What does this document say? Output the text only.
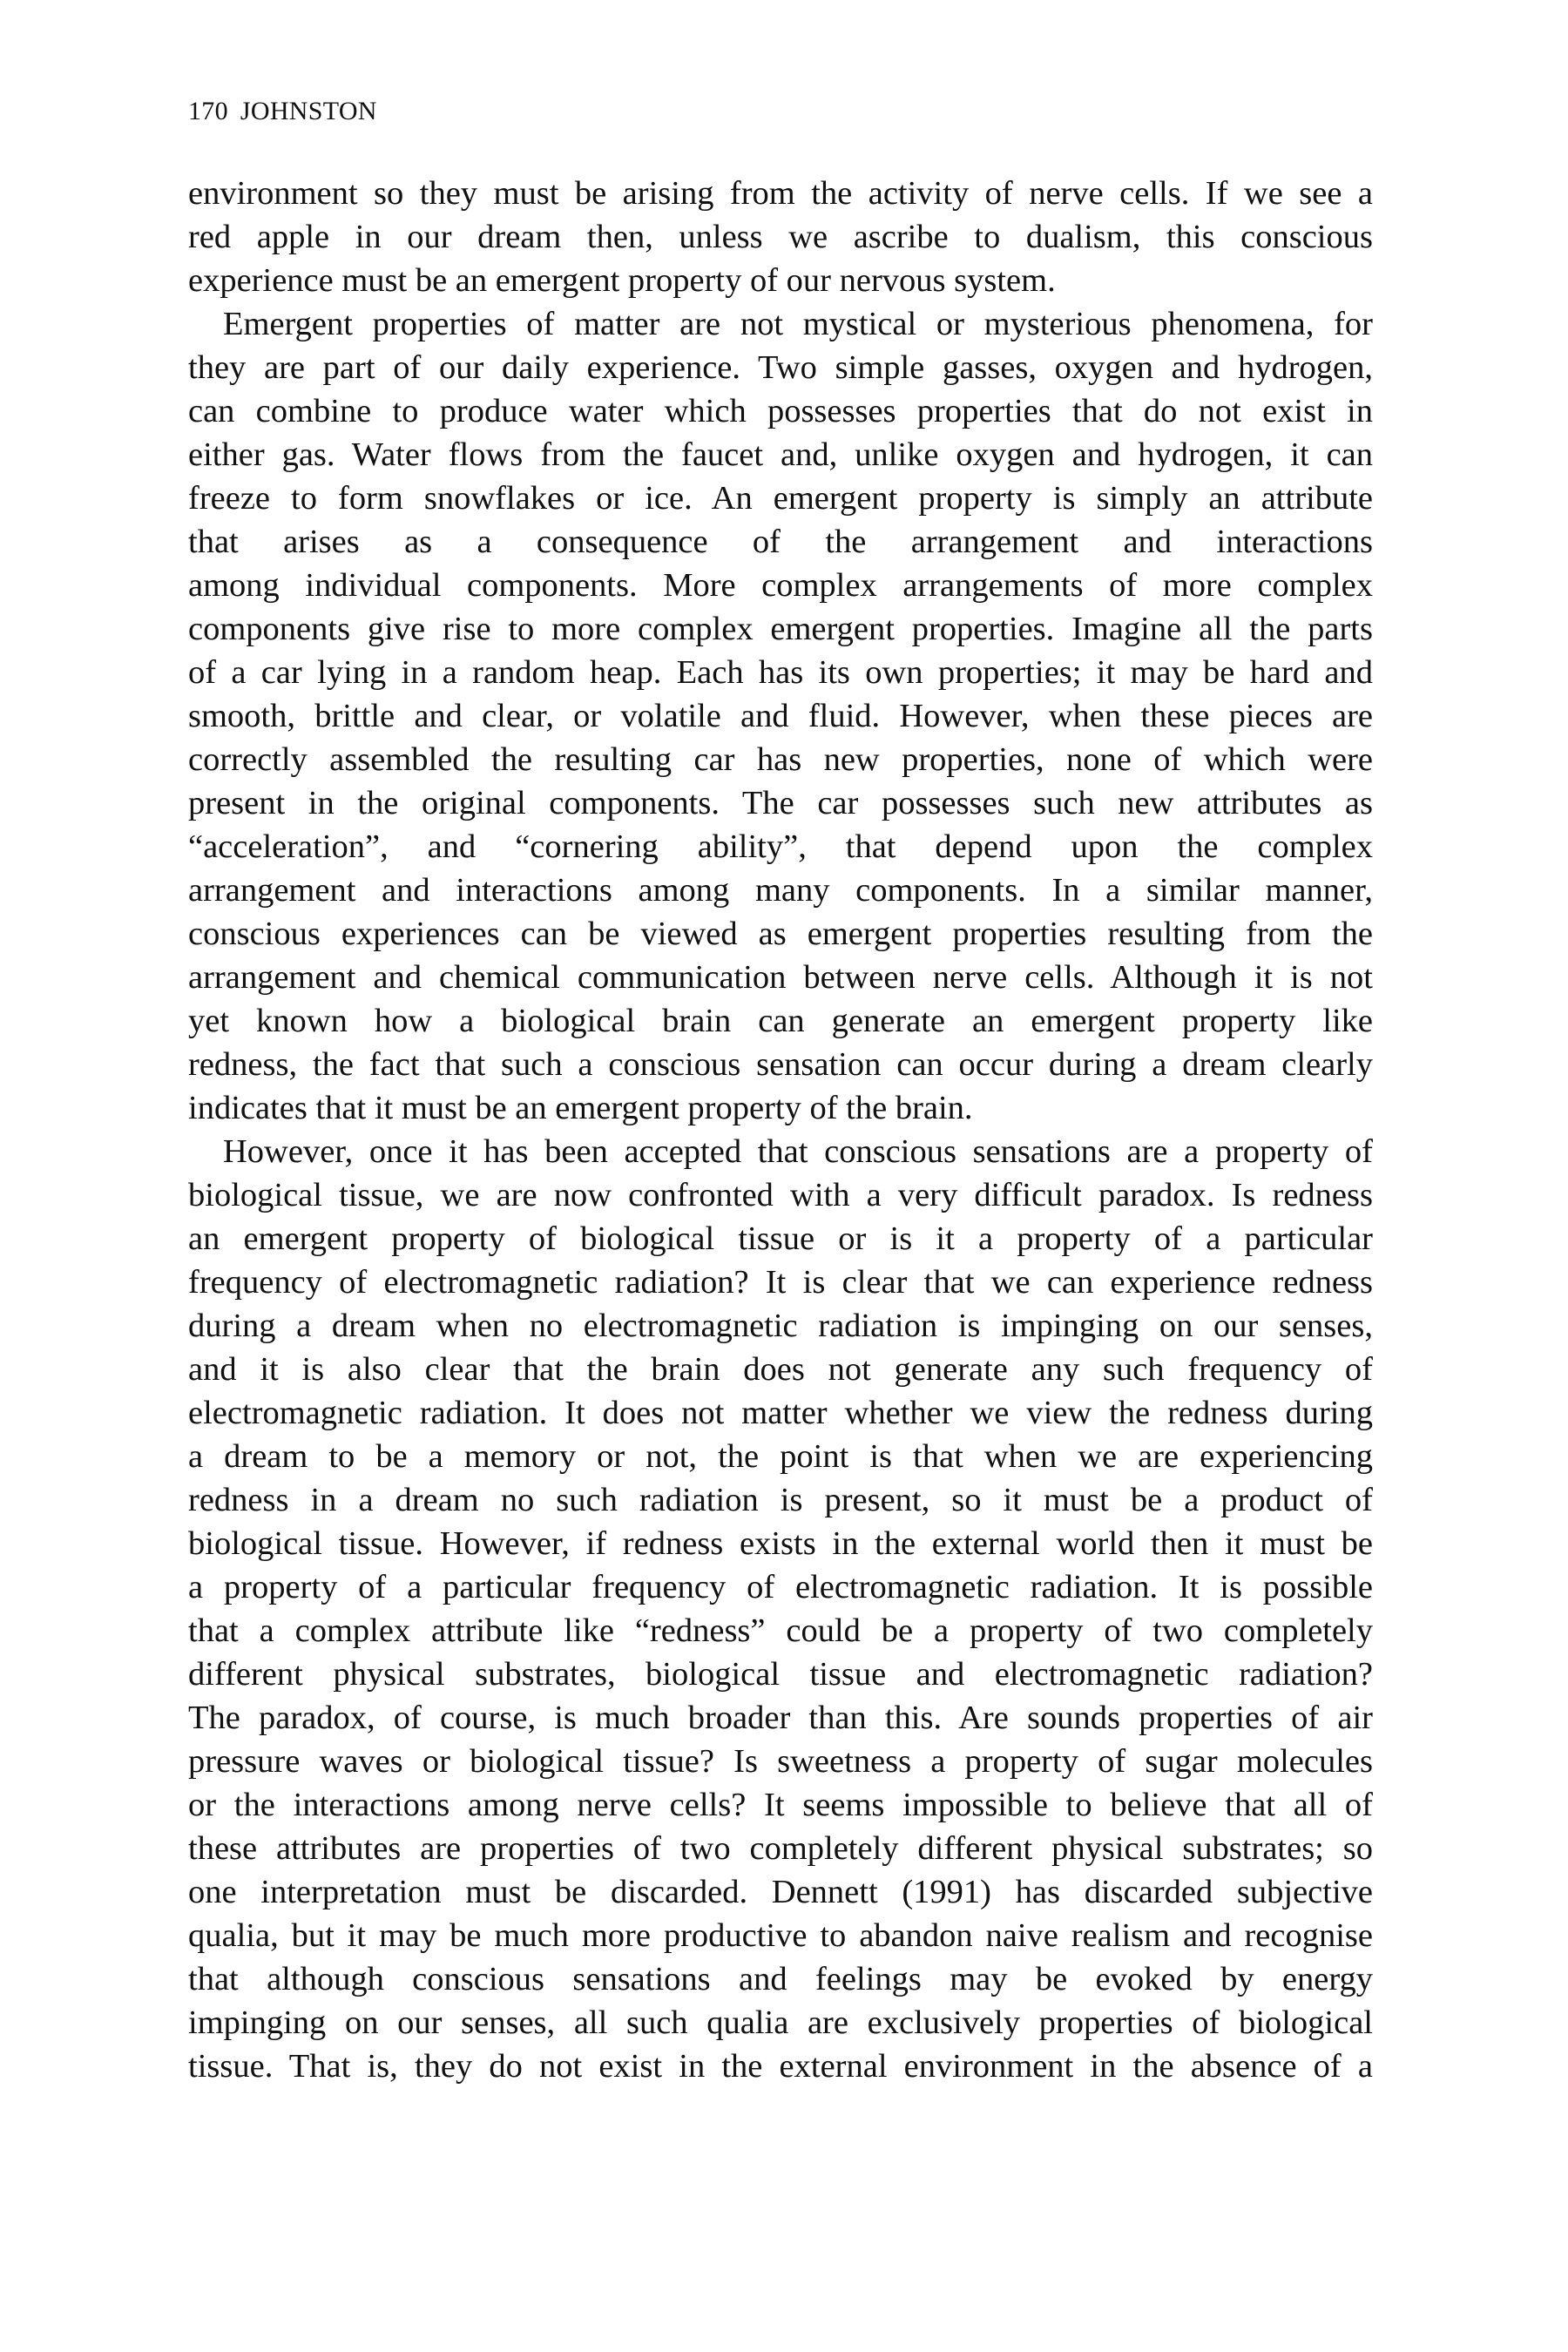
170 JOHNSTON
environment so they must be arising from the activity of nerve cells. If we see a
red apple in our dream then, unless we ascribe to dualism, this conscious
experience must be an emergent property of our nervous system.
Emergent properties of matter are not mystical or mysterious phenomena, for
they are part of our daily experience. Two simple gasses, oxygen and hydrogen,
can combine to produce water which possesses properties that do not exist in
either gas. Water flows from the faucet and, unlike oxygen and hydrogen, it can
freeze to form snowflakes or ice. An emergent property is simply an attribute
that arises as a consequence of the arrangement and interactions
among individual components. More complex arrangements of more complex
components give rise to more complex emergent properties. Imagine all the parts
of a car lying in a random heap. Each has its own properties; it may be hard and
smooth, brittle and clear, or volatile and fluid. However, when these pieces are
correctly assembled the resulting car has new properties, none of which were
present in the original components. The car possesses such new attributes as
“acceleration”, and “cornering ability”, that depend upon the complex
arrangement and interactions among many components. In a similar manner,
conscious experiences can be viewed as emergent properties resulting from the
arrangement and chemical communication between nerve cells. Although it is not
yet known how a biological brain can generate an emergent property like
redness, the fact that such a conscious sensation can occur during a dream clearly
indicates that it must be an emergent property of the brain.
However, once it has been accepted that conscious sensations are a property of
biological tissue, we are now confronted with a very difficult paradox. Is redness
an emergent property of biological tissue or is it a property of a particular
frequency of electromagnetic radiation? It is clear that we can experience redness
during a dream when no electromagnetic radiation is impinging on our senses,
and it is also clear that the brain does not generate any such frequency of
electromagnetic radiation. It does not matter whether we view the redness during
a dream to be a memory or not, the point is that when we are experiencing
redness in a dream no such radiation is present, so it must be a product of
biological tissue. However, if redness exists in the external world then it must be
a property of a particular frequency of electromagnetic radiation. It is possible
that a complex attribute like “redness” could be a property of two completely
different physical substrates, biological tissue and electromagnetic radiation?
The paradox, of course, is much broader than this. Are sounds properties of air
pressure waves or biological tissue? Is sweetness a property of sugar molecules
or the interactions among nerve cells? It seems impossible to believe that all of
these attributes are properties of two completely different physical substrates; so
one interpretation must be discarded. Dennett (1991) has discarded subjective
qualia, but it may be much more productive to abandon naive realism and recognise
that although conscious sensations and feelings may be evoked by energy
impinging on our senses, all such qualia are exclusively properties of biological
tissue. That is, they do not exist in the external environment in the absence of a
